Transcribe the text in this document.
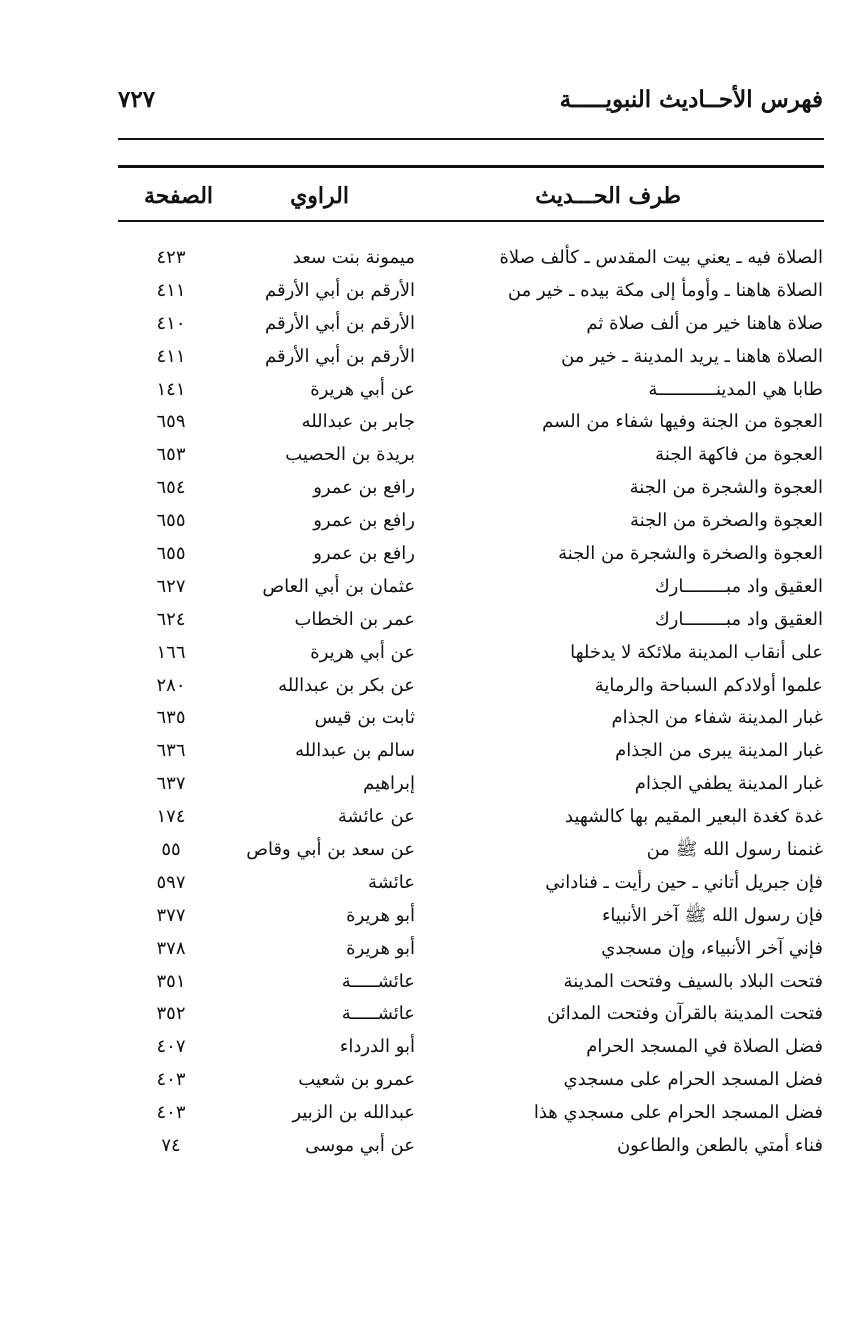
فهرس الأحــاديث النبويـــــة
٧٢٧
طرف الحـــديث
الراوي
الصفحة
الصلاة فيه ـ يعني بيت المقدس ـ كألف صلاة
ميمونة بنت سعد
٤٢٣
الصلاة هاهنا ـ وأومأ إلى مكة بيده ـ خير من
الأرقم بن أبي الأرقم
٤١١
صلاة هاهنا خير من ألف صلاة ثم
الأرقم بن أبي الأرقم
٤١٠
الصلاة هاهنا ـ يريد المدينة ـ خير من
الأرقم بن أبي الأرقم
٤١١
طابا هي المدينـــــــــــة
عن أبي هريرة
١٤١
العجوة من الجنة وفيها شفاء من السم
جابر بن عبدالله
٦٥٩
العجوة من فاكهة الجنة
بريدة بن الحصيب
٦٥٣
العجوة والشجرة من الجنة
رافع بن عمرو
٦٥٤
العجوة والصخرة من الجنة
رافع بن عمرو
٦٥٥
العجوة والصخرة والشجرة من الجنة
رافع بن عمرو
٦٥٥
العقيق واد مبــــــــارك
عثمان بن أبي العاص
٦٢٧
العقيق واد مبــــــــارك
عمر بن الخطاب
٦٢٤
على أنقاب المدينة ملائكة لا يدخلها
عن أبي هريرة
١٦٦
علموا أولادكم السباحة والرماية
عن بكر بن عبدالله
٢٨٠
غبار المدينة شفاء من الجذام
ثابت بن قيس
٦٣٥
غبار المدينة يبرى من الجذام
سالم بن عبدالله
٦٣٦
غبار المدينة يطفي الجذام
إبراهيم
٦٣٧
غدة كغدة البعير المقيم بها كالشهيد
عن عائشة
١٧٤
غنمنا رسول الله ﷺ من
عن سعد بن أبي وقاص
٥٥
فإن جبريل أتاني ـ حين رأيت ـ فناداني
عائشة
٥٩٧
فإن رسول الله ﷺ آخر الأنبياء
أبو هريرة
٣٧٧
فإني آخر الأنبياء، وإن مسجدي
أبو هريرة
٣٧٨
فتحت البلاد بالسيف وفتحت المدينة
عائشـــــة
٣٥١
فتحت المدينة بالقرآن وفتحت المدائن
عائشـــــة
٣٥٢
فضل الصلاة في المسجد الحرام
أبو الدرداء
٤٠٧
فضل المسجد الحرام على مسجدي
عمرو بن شعيب
٤٠٣
فضل المسجد الحرام على مسجدي هذا
عبدالله بن الزبير
٤٠٣
فناء أمتي بالطعن والطاعون
عن أبي موسى
٧٤
